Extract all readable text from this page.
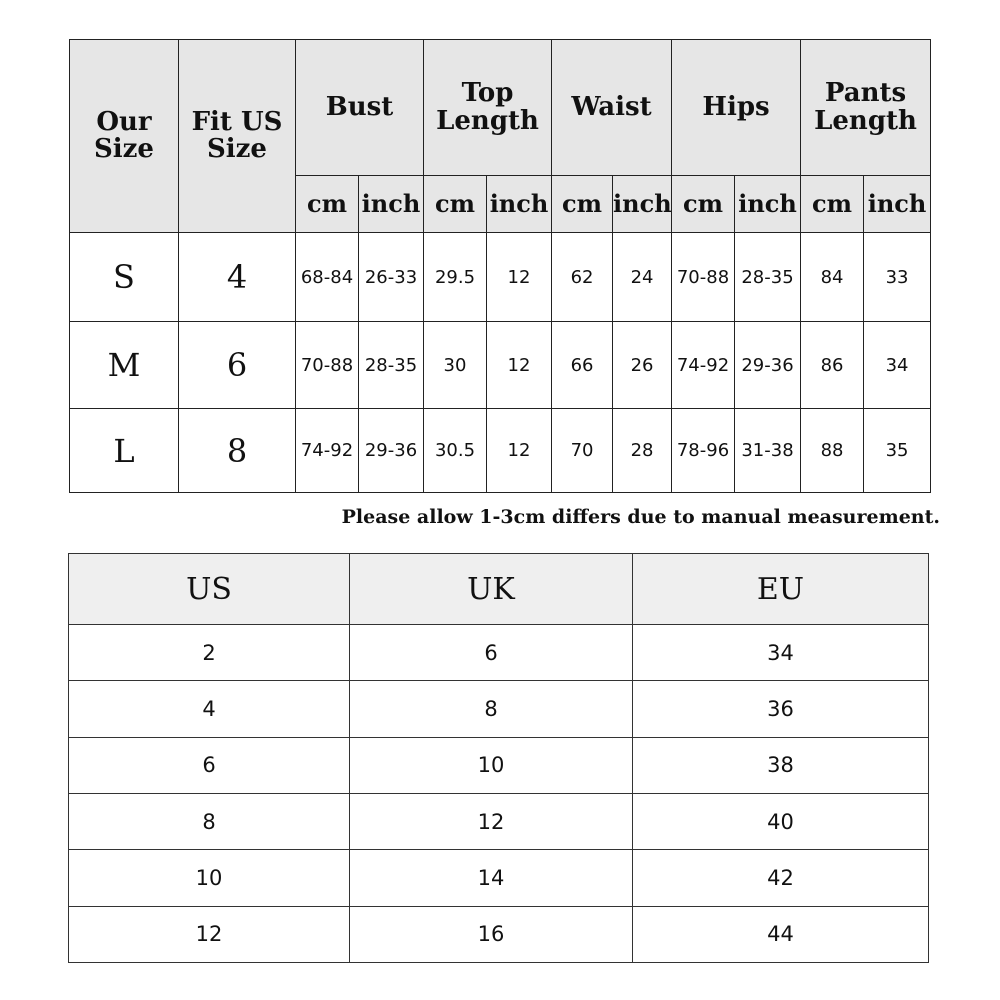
Our Size	Fit US Size	Bust		Top Length		Waist		Hips		Pants Length	
		cm	inch	cm	inch	cm	inch	cm	inch	cm	inch
S	4	68-84	26-33	29.5	12	62	24	70-88	28-35	84	33
M	6	70-88	28-35	30	12	66	26	74-92	29-36	86	34
L	8	74-92	29-36	30.5	12	70	28	78-96	31-38	88	35

Please allow 1-3cm differs due to manual measurement.

US	UK	EU
2	6	34
4	8	36
6	10	38
8	12	40
10	14	42
12	16	44
